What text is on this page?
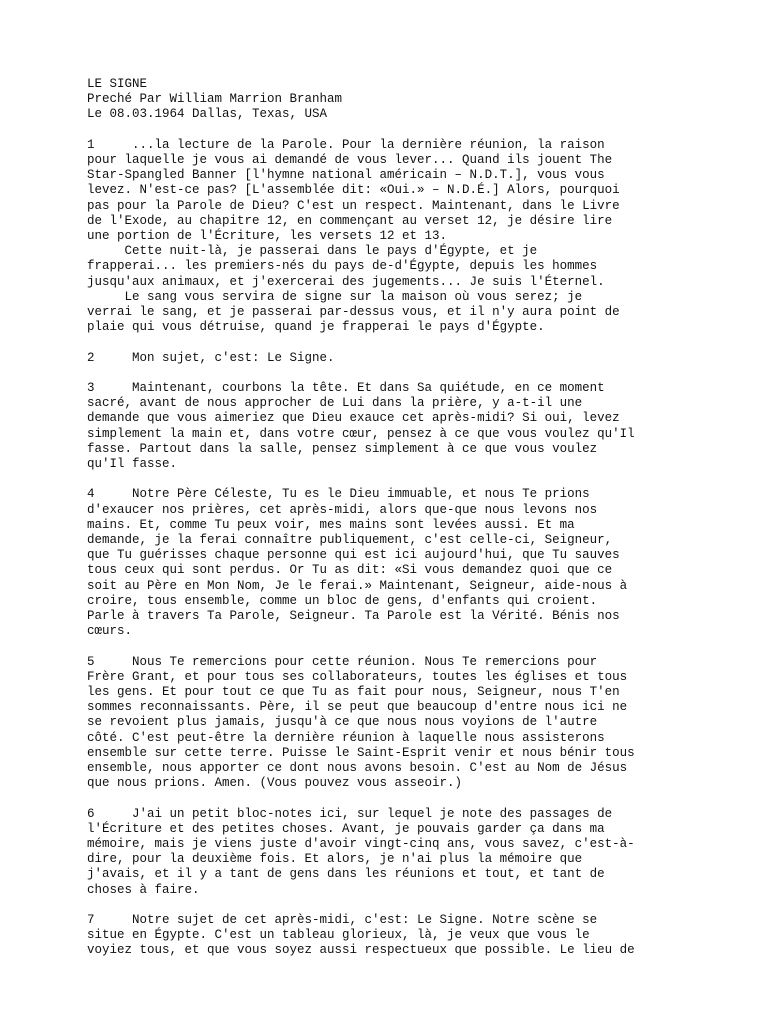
LE SIGNE
Preché Par William Marrion Branham
Le 08.03.1964 Dallas, Texas, USA
1     ...la lecture de la Parole. Pour la dernière réunion, la raison
pour laquelle je vous ai demandé de vous lever... Quand ils jouent The
Star-Spangled Banner [l'hymne national américain – N.D.T.], vous vous
levez. N'est-ce pas? [L'assemblée dit: «Oui.» – N.D.É.] Alors, pourquoi
pas pour la Parole de Dieu? C'est un respect. Maintenant, dans le Livre
de l'Exode, au chapitre 12, en commençant au verset 12, je désire lire
une portion de l'Écriture, les versets 12 et 13.
Cette nuit-là, je passerai dans le pays d'Égypte, et je
frapperai... les premiers-nés du pays de-d'Égypte, depuis les hommes
jusqu'aux animaux, et j'exercerai des jugements... Je suis l'Éternel.
Le sang vous servira de signe sur la maison où vous serez; je
verrai le sang, et je passerai par-dessus vous, et il n'y aura point de
plaie qui vous détruise, quand je frapperai le pays d'Égypte.
2     Mon sujet, c'est: Le Signe.
3     Maintenant, courbons la tête. Et dans Sa quiétude, en ce moment
sacré, avant de nous approcher de Lui dans la prière, y a-t-il une
demande que vous aimeriez que Dieu exauce cet après-midi? Si oui, levez
simplement la main et, dans votre cœur, pensez à ce que vous voulez qu'Il
fasse. Partout dans la salle, pensez simplement à ce que vous voulez
qu'Il fasse.
4     Notre Père Céleste, Tu es le Dieu immuable, et nous Te prions
d'exaucer nos prières, cet après-midi, alors que-que nous levons nos
mains. Et, comme Tu peux voir, mes mains sont levées aussi. Et ma
demande, je la ferai connaître publiquement, c'est celle-ci, Seigneur,
que Tu guérisses chaque personne qui est ici aujourd'hui, que Tu sauves
tous ceux qui sont perdus. Or Tu as dit: «Si vous demandez quoi que ce
soit au Père en Mon Nom, Je le ferai.» Maintenant, Seigneur, aide-nous à
croire, tous ensemble, comme un bloc de gens, d'enfants qui croient.
Parle à travers Ta Parole, Seigneur. Ta Parole est la Vérité. Bénis nos
cœurs.
5     Nous Te remercions pour cette réunion. Nous Te remercions pour
Frère Grant, et pour tous ses collaborateurs, toutes les églises et tous
les gens. Et pour tout ce que Tu as fait pour nous, Seigneur, nous T'en
sommes reconnaissants. Père, il se peut que beaucoup d'entre nous ici ne
se revoient plus jamais, jusqu'à ce que nous nous voyions de l'autre
côté. C'est peut-être la dernière réunion à laquelle nous assisterons
ensemble sur cette terre. Puisse le Saint-Esprit venir et nous bénir tous
ensemble, nous apporter ce dont nous avons besoin. C'est au Nom de Jésus
que nous prions. Amen. (Vous pouvez vous asseoir.)
6     J'ai un petit bloc-notes ici, sur lequel je note des passages de
l'Écriture et des petites choses. Avant, je pouvais garder ça dans ma
mémoire, mais je viens juste d'avoir vingt-cinq ans, vous savez, c'est-à-
dire, pour la deuxième fois. Et alors, je n'ai plus la mémoire que
j'avais, et il y a tant de gens dans les réunions et tout, et tant de
choses à faire.
7     Notre sujet de cet après-midi, c'est: Le Signe. Notre scène se
situe en Égypte. C'est un tableau glorieux, là, je veux que vous le
voyiez tous, et que vous soyez aussi respectueux que possible. Le lieu de
